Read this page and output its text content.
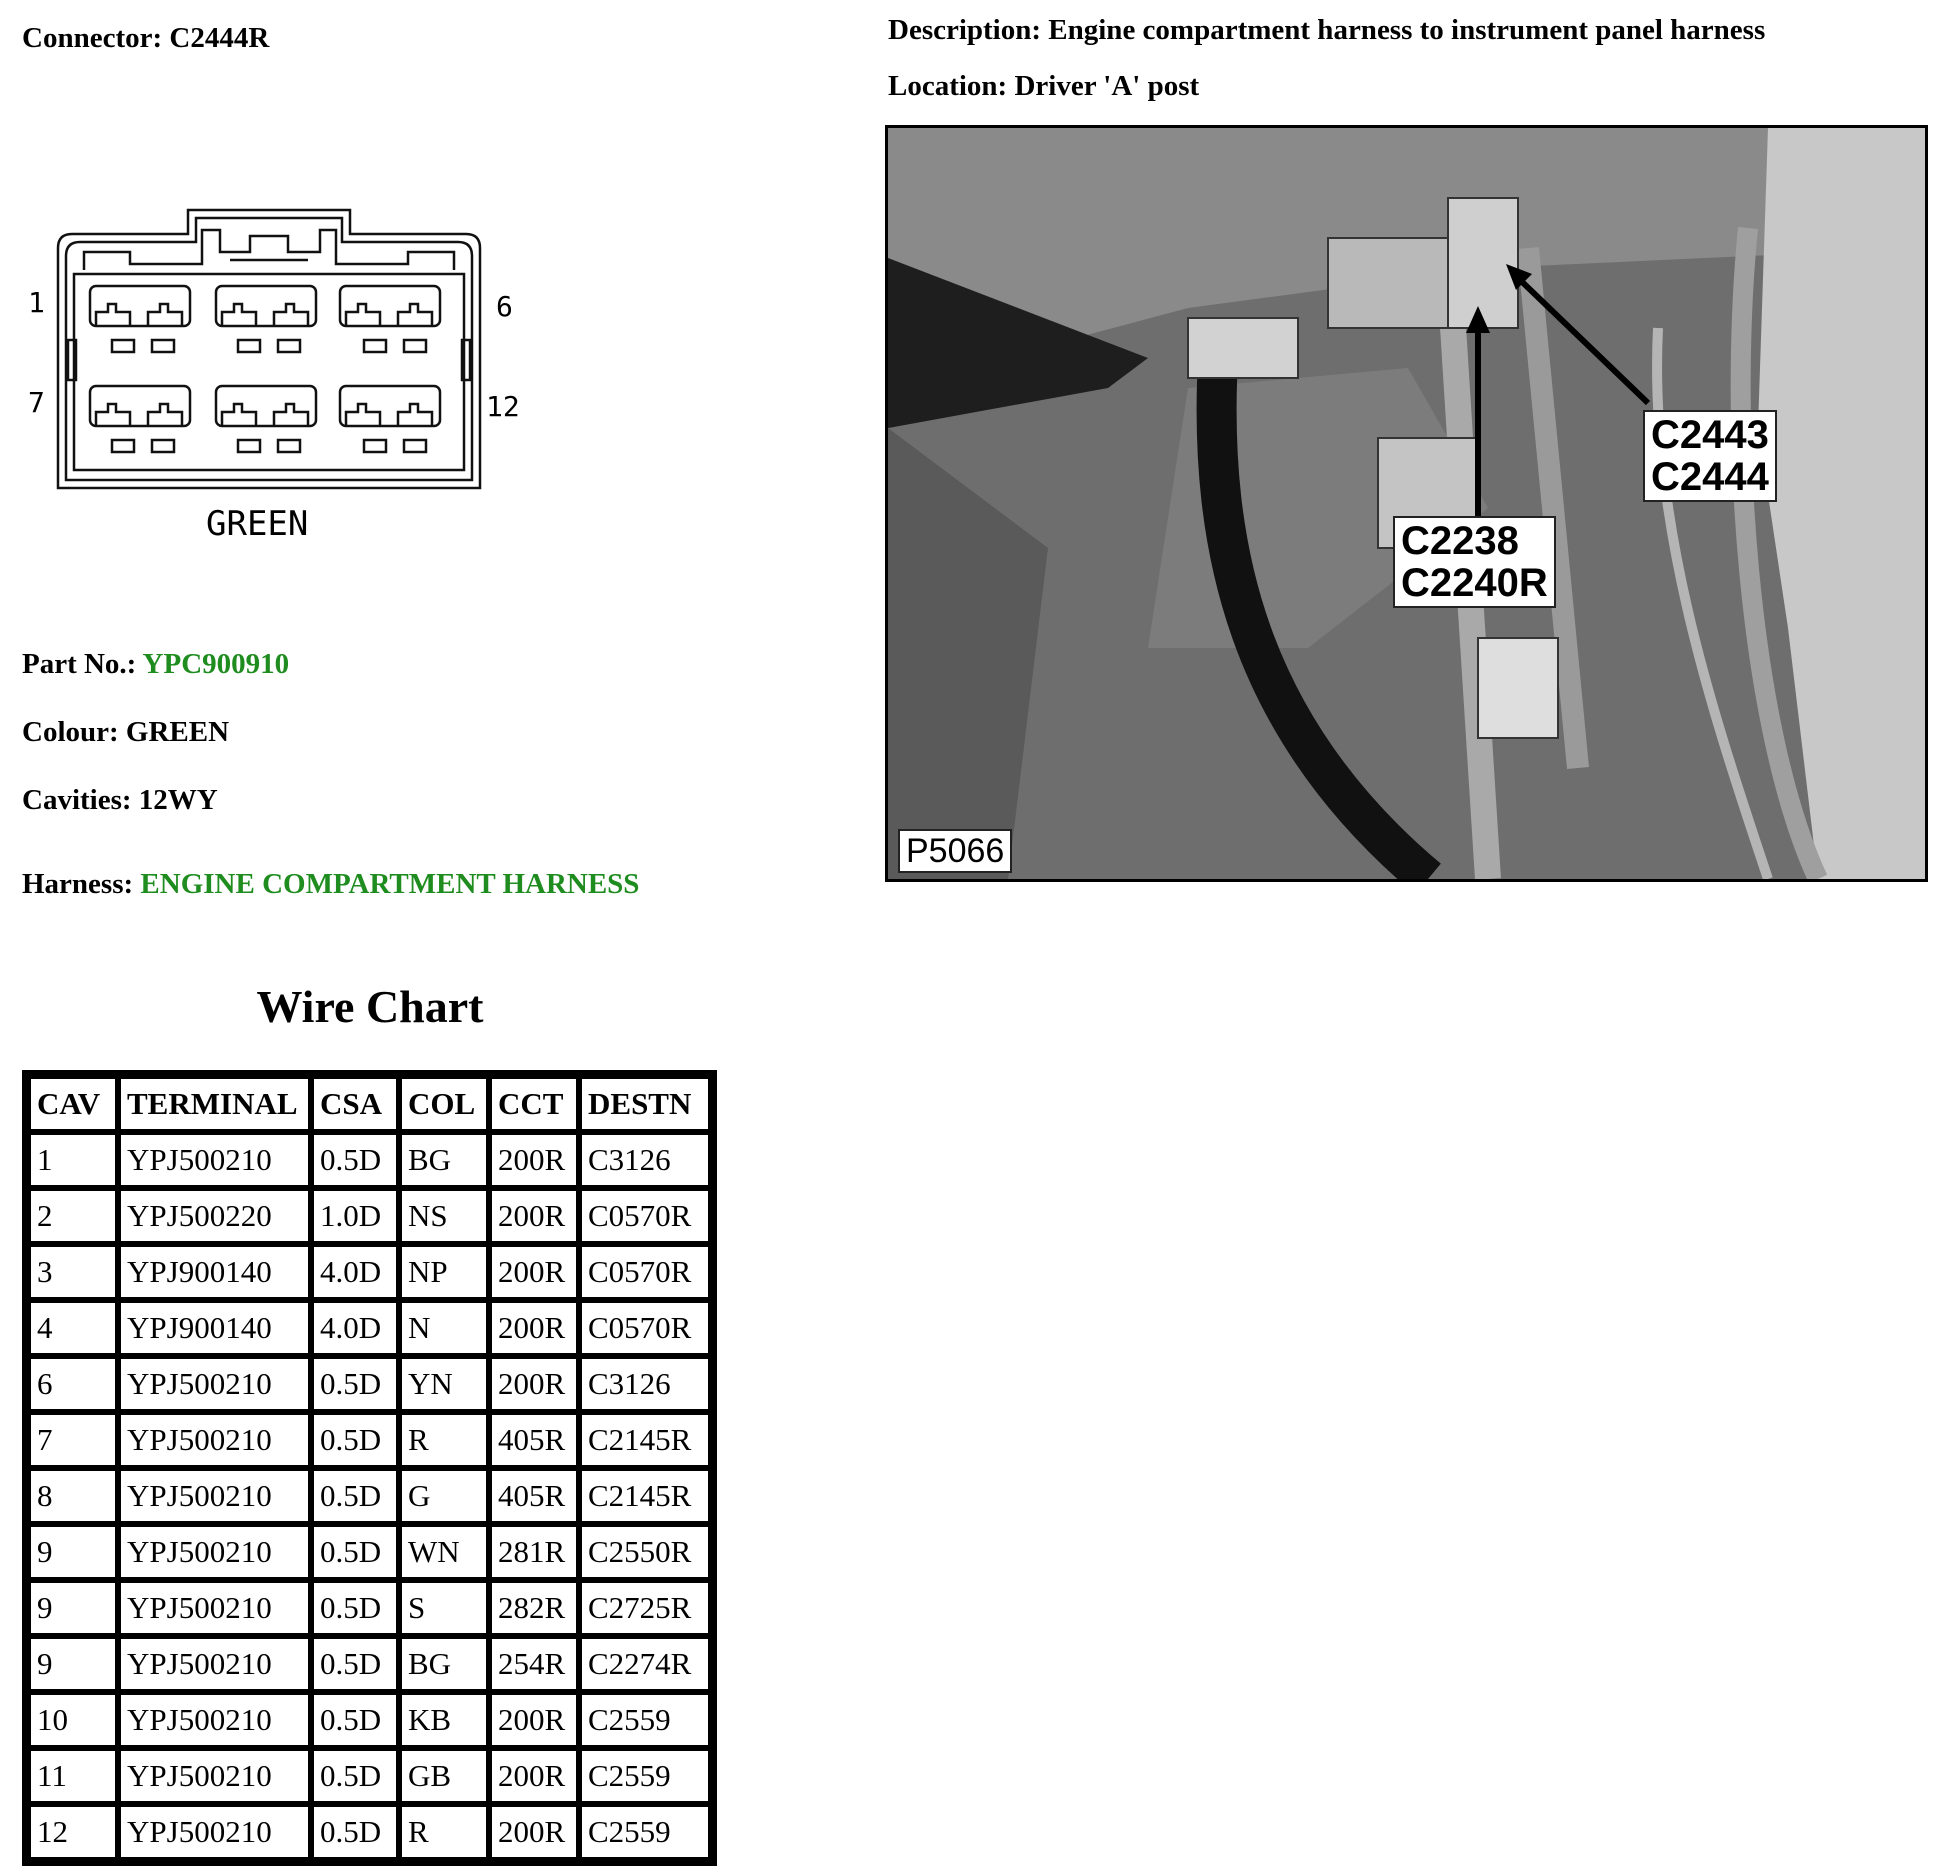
Connector: C2444R	Description: Engine compartment harness to instrument panel harness
Location: Driver 'A' post
1	6
7	12
GREEN
Part No.: YPC900910
Colour: GREEN
Cavities: 12WY
Harness: ENGINE COMPARTMENT HARNESS
C2443
C2444
C2238
C2240R
P5066
Wire Chart
CAV	TERMINAL	CSA	COL	CCT	DESTN
1	YPJ500210	0.5D	BG	200R	C3126
2	YPJ500220	1.0D	NS	200R	C0570R
3	YPJ900140	4.0D	NP	200R	C0570R
4	YPJ900140	4.0D	N	200R	C0570R
6	YPJ500210	0.5D	YN	200R	C3126
7	YPJ500210	0.5D	R	405R	C2145R
8	YPJ500210	0.5D	G	405R	C2145R
9	YPJ500210	0.5D	WN	281R	C2550R
9	YPJ500210	0.5D	S	282R	C2725R
9	YPJ500210	0.5D	BG	254R	C2274R
10	YPJ500210	0.5D	KB	200R	C2559
11	YPJ500210	0.5D	GB	200R	C2559
12	YPJ500210	0.5D	R	200R	C2559
